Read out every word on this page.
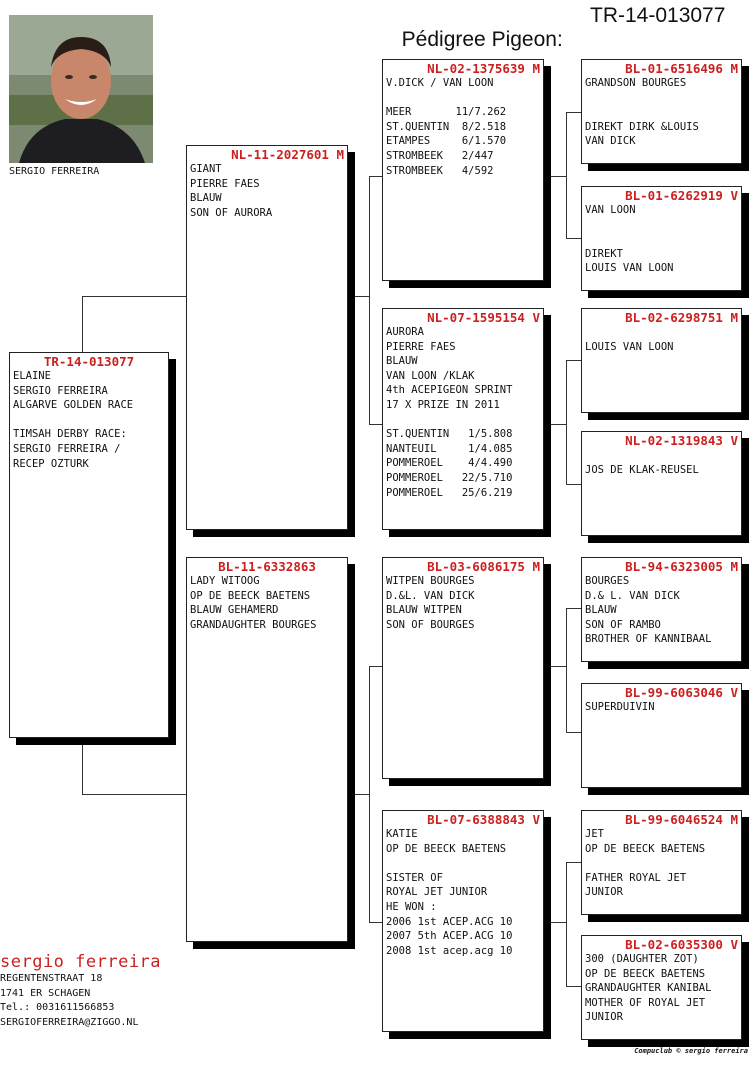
Pédigree Pigeon:

TR-14-013077

SERGIO FERREIRA
TR-14-013077
ELAINE
SERGIO FERREIRA
ALGARVE GOLDEN RACE
TIMSAH DERBY RACE:
SERGIO FERREIRA /
RECEP OZTURK
NL-11-2027601 M
GIANT
PIERRE FAES
BLAUW
SON OF AURORA
BL-11-6332863
LADY WITOOG
OP DE BEECK BAETENS
BLAUW GEHAMERD
GRANDAUGHTER BOURGES
NL-02-1375639 M
V.DICK / VAN LOON
MEER       11/7.262
ST.QUENTIN  8/2.518
ETAMPES     6/1.570
STROMBEEK   2/447
STROMBEEK   4/592
NL-07-1595154 V
AURORA
PIERRE FAES
BLAUW
VAN LOON /KLAK
4th ACEPIGEON SPRINT
17 X PRIZE IN 2011
ST.QUENTIN   1/5.808
NANTEUIL     1/4.085
POMMEROEL    4/4.490
POMMEROEL   22/5.710
POMMEROEL   25/6.219
BL-03-6086175 M
WITPEN BOURGES
D.&L. VAN DICK
BLAUW WITPEN
SON OF BOURGES
BL-07-6388843 V
KATIE
OP DE BEECK BAETENS
SISTER OF
ROYAL JET JUNIOR
HE WON :
2006 1st ACEP.ACG 10
2007 5th ACEP.ACG 10
2008 1st acep.acg 10
BL-01-6516496 M
GRANDSON BOURGES
DIREKT DIRK &LOUIS
VAN DICK
BL-01-6262919 V
VAN LOON
DIREKT
LOUIS VAN LOON
BL-02-6298751 M
LOUIS VAN LOON
NL-02-1319843 V
JOS DE KLAK-REUSEL
BL-94-6323005 M
BOURGES
D.& L. VAN DICK
BLAUW
SON OF RAMBO
BROTHER OF KANNIBAAL
BL-99-6063046 V
SUPERDUIVIN
BL-99-6046524 M
JET
OP DE BEECK BAETENS
FATHER ROYAL JET
JUNIOR
BL-02-6035300 V
300 (DAUGHTER ZOT)
OP DE BEECK BAETENS
GRANDAUGHTER KANIBAL
MOTHER OF ROYAL JET
JUNIOR
sergio ferreira
REGENTENSTRAAT 18
1741 ER SCHAGEN
Tel.: 0031611566853
SERGIOFERREIRA@ZIGGO.NL
Compuclub © sergio ferreira
